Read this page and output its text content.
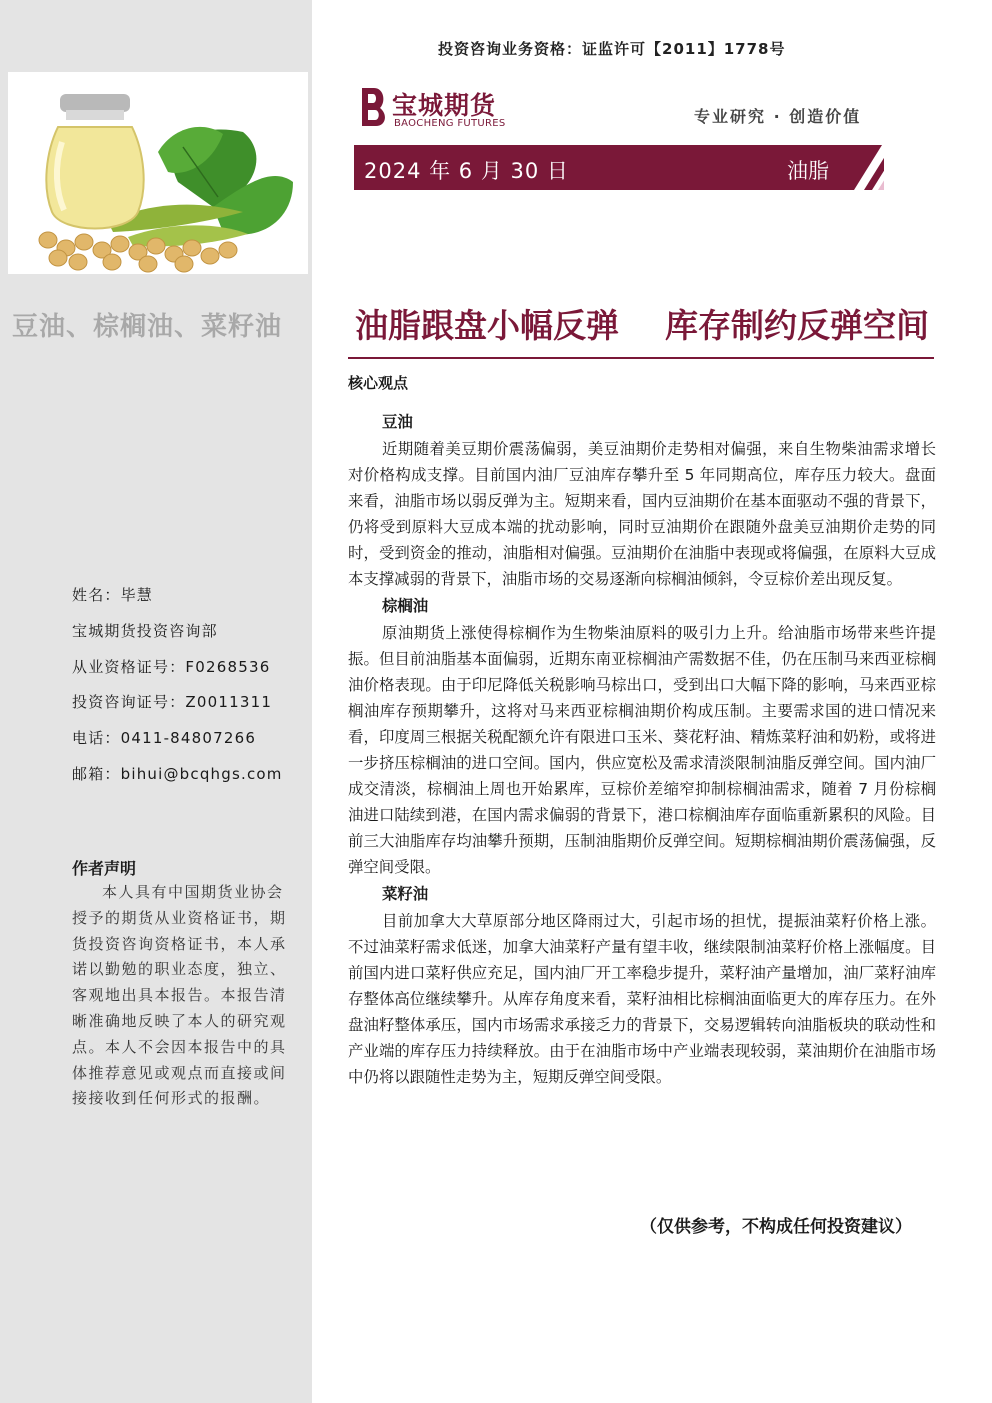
豆油、棕榈油、菜籽油
姓名：毕慧
宝城期货投资咨询部
从业资格证号：F0268536
投资咨询证号：Z0011311
电话：0411-84807266
邮箱：bihui@bcqhgs.com
作者声明
本人具有中国期货业协会授予的期货从业资格证书，期货投资咨询资格证书，本人承诺以勤勉的职业态度，独立、客观地出具本报告。本报告清晰准确地反映了本人的研究观点。本人不会因本报告中的具体推荐意见或观点而直接或间接接收到任何形式的报酬。
投资咨询业务资格：证监许可【2011】1778号
宝城期货
BAOCHENG FUTURES	专业研究 · 创造价值
2024 年 6 月 30 日	油脂
油脂跟盘小幅反弹    库存制约反弹空间
核心观点
豆油

近期随着美豆期价震荡偏弱，美豆油期价走势相对偏强，来自生物柴油需求增长对价格构成支撑。目前国内油厂豆油库存攀升至 5 年同期高位，库存压力较大。盘面来看，油脂市场以弱反弹为主。短期来看，国内豆油期价在基本面驱动不强的背景下，仍将受到原料大豆成本端的扰动影响，同时豆油期价在跟随外盘美豆油期价走势的同时，受到资金的推动，油脂相对偏强。豆油期价在油脂中表现或将偏强，在原料大豆成本支撑减弱的背景下，油脂市场的交易逐渐向棕榈油倾斜，令豆棕价差出现反复。

棕榈油

原油期货上涨使得棕榈作为生物柴油原料的吸引力上升。给油脂市场带来些许提振。但目前油脂基本面偏弱，近期东南亚棕榈油产需数据不佳，仍在压制马来西亚棕榈油价格表现。由于印尼降低关税影响马棕出口，受到出口大幅下降的影响，马来西亚棕榈油库存预期攀升，这将对马来西亚棕榈油期价构成压制。主要需求国的进口情况来看，印度周三根据关税配额允许有限进口玉米、葵花籽油、精炼菜籽油和奶粉，或将进一步挤压棕榈油的进口空间。国内，供应宽松及需求清淡限制油脂反弹空间。国内油厂成交清淡，棕榈油上周也开始累库，豆棕价差缩窄抑制棕榈油需求，随着 7 月份棕榈油进口陆续到港，在国内需求偏弱的背景下，港口棕榈油库存面临重新累积的风险。目前三大油脂库存均油攀升预期，压制油脂期价反弹空间。短期棕榈油期价震荡偏强，反弹空间受限。

菜籽油

目前加拿大大草原部分地区降雨过大，引起市场的担忧，提振油菜籽价格上涨。不过油菜籽需求低迷，加拿大油菜籽产量有望丰收，继续限制油菜籽价格上涨幅度。目前国内进口菜籽供应充足，国内油厂开工率稳步提升，菜籽油产量增加，油厂菜籽油库存整体高位继续攀升。从库存角度来看，菜籽油相比棕榈油面临更大的库存压力。在外盘油籽整体承压，国内市场需求承接乏力的背景下，交易逻辑转向油脂板块的联动性和产业端的库存压力持续释放。由于在油脂市场中产业端表现较弱，菜油期价在油脂市场中仍将以跟随性走势为主，短期反弹空间受限。

（仅供参考，不构成任何投资建议）
